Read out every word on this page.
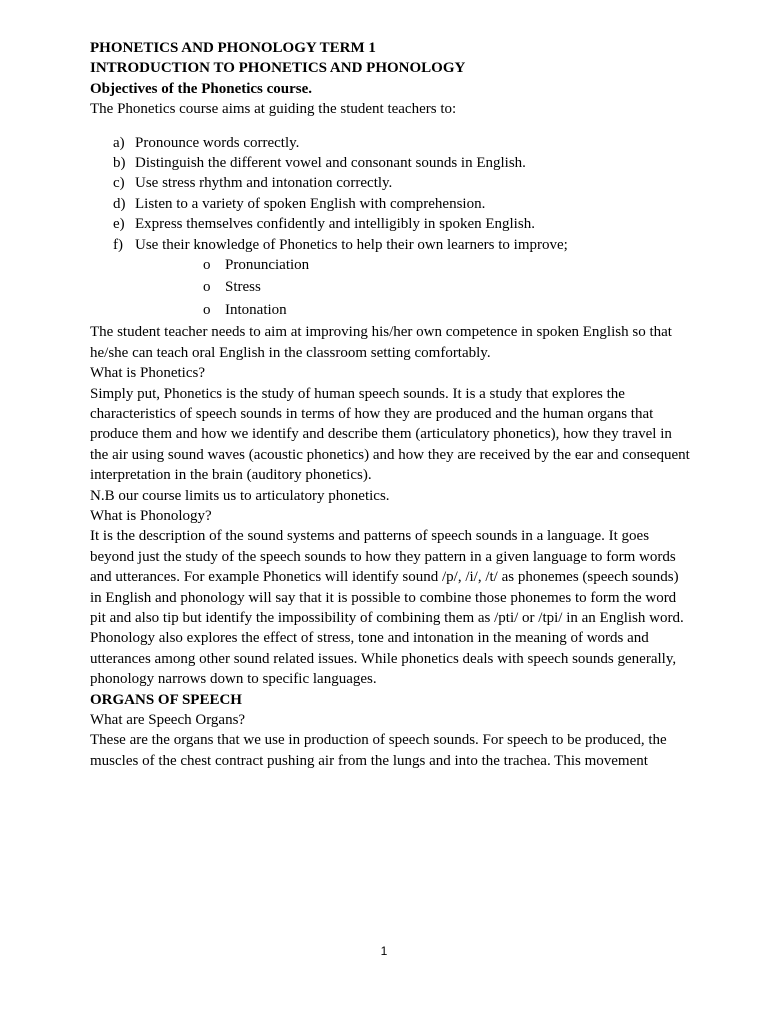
PHONETICS AND PHONOLOGY TERM 1

INTRODUCTION TO PHONETICS AND PHONOLOGY

Objectives of the Phonetics course.

The Phonetics course aims at guiding the student teachers to:

a) Pronounce words correctly.
b) Distinguish the different vowel and consonant sounds in English.
c) Use stress rhythm and intonation correctly.
d) Listen to a variety of spoken English with comprehension.
e) Express themselves confidently and intelligibly in spoken English.
f) Use their knowledge of Phonetics to help their own learners to improve;
o Pronunciation
o Stress
o Intonation

The student teacher needs to aim at improving his/her own competence in spoken English so that he/she can teach oral English in the classroom setting comfortably.

What is Phonetics?

Simply put, Phonetics is the study of human speech sounds. It is a study that explores the characteristics of speech sounds in terms of how they are produced and the human organs that produce them and how we identify and describe them (articulatory phonetics), how they travel in the air using sound waves (acoustic phonetics) and how they are received by the ear and consequent interpretation in the brain (auditory phonetics).

N.B our course limits us to articulatory phonetics.

What is Phonology?

It is the description of the sound systems and patterns of speech sounds in a language. It goes beyond just the study of the speech sounds to how they pattern in a given language to form words and utterances. For example Phonetics will identify sound /p/, /i/, /t/ as phonemes (speech sounds) in English and phonology will say that it is possible to combine those phonemes to form the word pit and also tip but identify the impossibility of combining them as /pti/ or /tpi/ in an English word. Phonology also explores the effect of stress, tone and intonation in the meaning of words and utterances among other sound related issues. While phonetics deals with speech sounds generally, phonology narrows down to specific languages.

ORGANS OF SPEECH

What are Speech Organs?

These are the organs that we use in production of speech sounds. For speech to be produced, the muscles of the chest contract pushing air from the lungs and into the trachea. This movement

1
